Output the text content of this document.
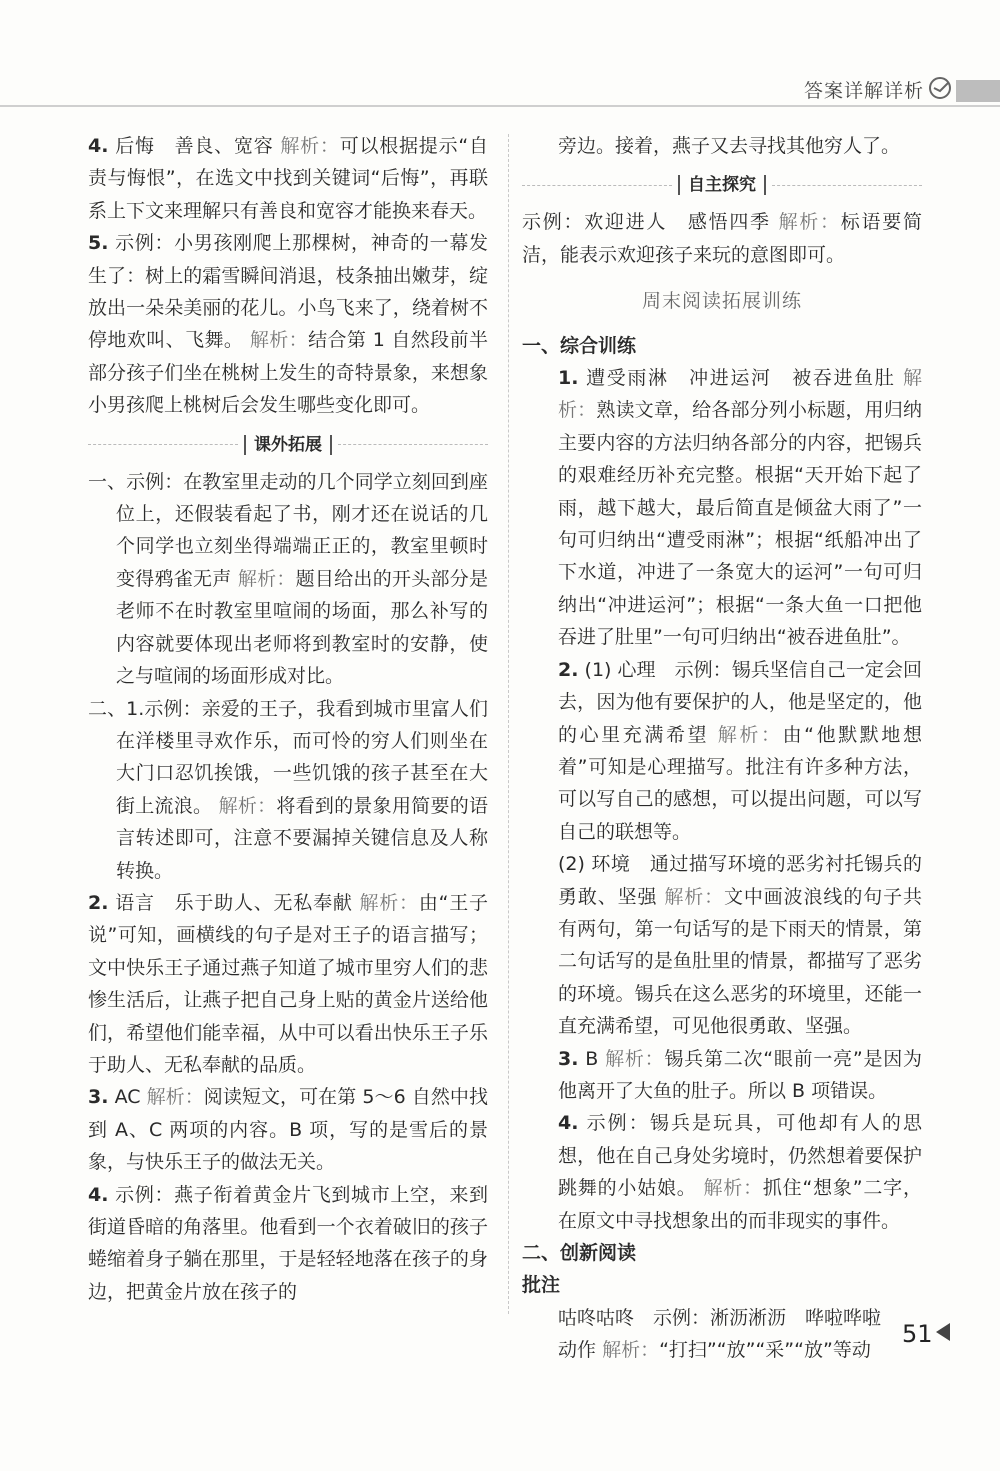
答案详解详析

4. 后悔　善良、宽容 解析：可以根据提示“自责与悔恨”，在选文中找到关键词“后悔”，再联系上下文来理解只有善良和宽容才能换来春天。

5. 示例：小男孩刚爬上那棵树，神奇的一幕发生了：树上的霜雪瞬间消退，枝条抽出嫩芽，绽放出一朵朵美丽的花儿。小鸟飞来了，绕着树不停地欢叫、飞舞。 解析：结合第 1 自然段前半部分孩子们坐在桃树上发生的奇特景象，来想象小男孩爬上桃树后会发生哪些变化即可。

课外拓展

一、示例：在教室里走动的几个同学立刻回到座位上，还假装看起了书，刚才还在说话的几个同学也立刻坐得端端正正的，教室里顿时变得鸦雀无声 解析：题目给出的开头部分是老师不在时教室里喧闹的场面，那么补写的内容就要体现出老师将到教室时的安静，使之与喧闹的场面形成对比。

二、1.示例：亲爱的王子，我看到城市里富人们在洋楼里寻欢作乐，而可怜的穷人们则坐在大门口忍饥挨饿，一些饥饿的孩子甚至在大街上流浪。 解析：将看到的景象用简要的语言转述即可，注意不要漏掉关键信息及人称转换。

2. 语言　乐于助人、无私奉献 解析：由“王子说”可知，画横线的句子是对王子的语言描写；文中快乐王子通过燕子知道了城市里穷人们的悲惨生活后，让燕子把自己身上贴的黄金片送给他们，希望他们能幸福，从中可以看出快乐王子乐于助人、无私奉献的品质。

3. AC 解析：阅读短文，可在第 5～6 自然中找到 A、C 两项的内容。B 项，写的是雪后的景象，与快乐王子的做法无关。

4. 示例：燕子衔着黄金片飞到城市上空，来到街道昏暗的角落里。他看到一个衣着破旧的孩子蜷缩着身子躺在那里，于是轻轻地落在孩子的身边，把黄金片放在孩子的

旁边。接着，燕子又去寻找其他穷人了。

自主探究

示例：欢迎进人　感悟四季 解析：标语要简洁，能表示欢迎孩子来玩的意图即可。

周末阅读拓展训练

一、综合训练

1. 遭受雨淋　冲进运河　被吞进鱼肚 解析：熟读文章，给各部分列小标题，用归纳主要内容的方法归纳各部分的内容，把锡兵的艰难经历补充完整。根据“天开始下起了雨，越下越大，最后简直是倾盆大雨了”一句可归纳出“遭受雨淋”；根据“纸船冲出了下水道，冲进了一条宽大的运河”一句可归纳出“冲进运河”；根据“一条大鱼一口把他吞进了肚里”一句可归纳出“被吞进鱼肚”。

2. (1) 心理　示例：锡兵坚信自己一定会回去，因为他有要保护的人，他是坚定的，他的心里充满希望 解析：由“他默默地想着”可知是心理描写。批注有许多种方法，可以写自己的感想，可以提出问题，可以写自己的联想等。

(2) 环境　通过描写环境的恶劣衬托锡兵的勇敢、坚强 解析：文中画波浪线的句子共有两句，第一句话写的是下雨天的情景，第二句话写的是鱼肚里的情景，都描写了恶劣的环境。锡兵在这么恶劣的环境里，还能一直充满希望，可见他很勇敢、坚强。

3. B 解析：锡兵第二次“眼前一亮”是因为他离开了大鱼的肚子。所以 B 项错误。

4. 示例：锡兵是玩具，可他却有人的思想，他在自己身处劣境时，仍然想着要保护跳舞的小姑娘。 解析：抓住“想象”二字，在原文中寻找想象出的而非现实的事件。

二、创新阅读

批注

咕咚咕咚　示例：淅沥淅沥　哗啦哗啦

动作 解析：“打扫”“放”“采”“放”等动

51
